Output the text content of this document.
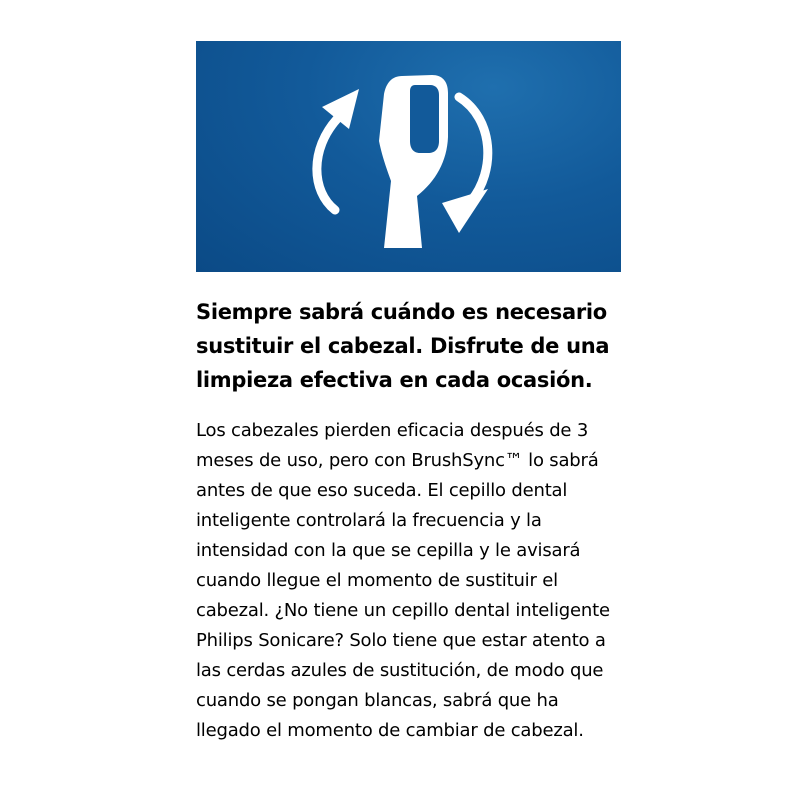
Siempre sabrá cuándo es necesario sustituir el cabezal. Disfrute de una limpieza efectiva en cada ocasión.

Los cabezales pierden eficacia después de 3 meses de uso, pero con BrushSync™ lo sabrá antes de que eso suceda. El cepillo dental inteligente controlará la frecuencia y la intensidad con la que se cepilla y le avisará cuando llegue el momento de sustituir el cabezal. ¿No tiene un cepillo dental inteligente Philips Sonicare? Solo tiene que estar atento a las cerdas azules de sustitución, de modo que cuando se pongan blancas, sabrá que ha llegado el momento de cambiar de cabezal.
